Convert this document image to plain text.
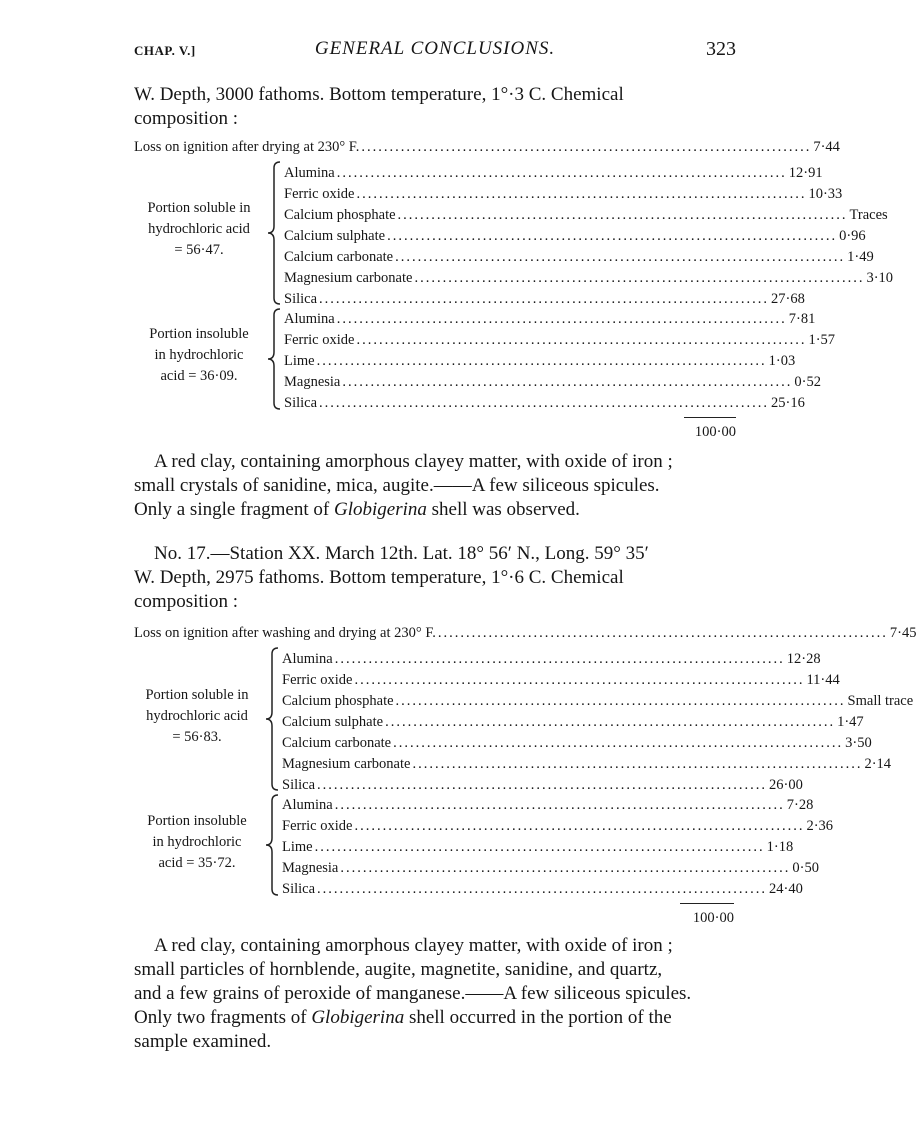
CHAP. V.]	GENERAL CONCLUSIONS.	323
W. Depth, 3000 fathoms. Bottom temperature, 1°·3 C. Chemical
composition :
Loss on ignition after drying at 230° F. ................................................................................ 7·44
Portion soluble in
hydrochloric acid
= 56·47.
Alumina ................................................................................ 12·91
Ferric oxide ................................................................................ 10·33
Calcium phosphate ................................................................................ Traces
Calcium sulphate ................................................................................ 0·96
Calcium carbonate ................................................................................ 1·49
Magnesium carbonate ................................................................................ 3·10
Silica ................................................................................ 27·68
Portion insoluble
in hydrochloric
acid = 36·09.
Alumina ................................................................................ 7·81
Ferric oxide ................................................................................ 1·57
Lime ................................................................................ 1·03
Magnesia ................................................................................ 0·52
Silica ................................................................................ 25·16
100·00
A red clay, containing amorphous clayey matter, with oxide of iron ;
small crystals of sanidine, mica, augite.——A few siliceous spicules.
Only a single fragment of Globigerina shell was observed.
No. 17.—Station XX. March 12th. Lat. 18° 56′ N., Long. 59° 35′
W. Depth, 2975 fathoms. Bottom temperature, 1°·6 C. Chemical
composition :
Loss on ignition after washing and drying at 230° F. ................................................................................ 7·45
Portion soluble in
hydrochloric acid
= 56·83.
Alumina ................................................................................ 12·28
Ferric oxide ................................................................................ 11·44
Calcium phosphate ................................................................................ Small trace
Calcium sulphate ................................................................................ 1·47
Calcium carbonate ................................................................................ 3·50
Magnesium carbonate ................................................................................ 2·14
Silica ................................................................................ 26·00
Portion insoluble
in hydrochloric
acid = 35·72.
Alumina ................................................................................ 7·28
Ferric oxide ................................................................................ 2·36
Lime ................................................................................ 1·18
Magnesia ................................................................................ 0·50
Silica ................................................................................ 24·40
100·00
A red clay, containing amorphous clayey matter, with oxide of iron ;
small particles of hornblende, augite, magnetite, sanidine, and quartz,
and a few grains of peroxide of manganese.——A few siliceous spicules.
Only two fragments of Globigerina shell occurred in the portion of the
sample examined.
